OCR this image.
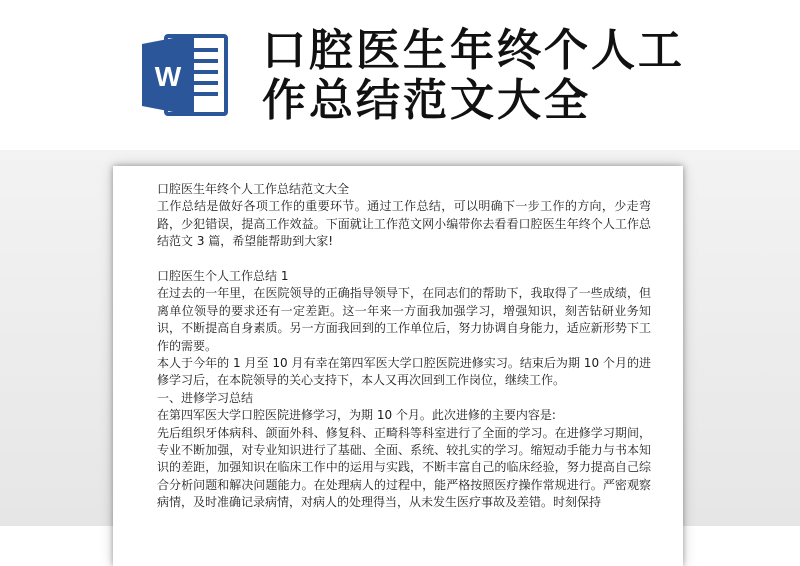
W
口腔医生年终个人工作总结范文大全

口腔医生年终个人工作总结范文大全

工作总结是做好各项工作的重要环节。通过工作总结，可以明确下一步工作的方向，少走弯路，少犯错误，提高工作效益。下面就让工作范文网小编带你去看看口腔医生年终个人工作总结范文 3 篇，希望能帮助到大家!

口腔医生个人工作总结 1

在过去的一年里，在医院领导的正确指导领导下，在同志们的帮助下，我取得了一些成绩，但离单位领导的要求还有一定差距。这一年来一方面我加强学习，增强知识，刻苦钻研业务知识，不断提高自身素质。另一方面我回到的工作单位后，努力协调自身能力，适应新形势下工作的需要。

本人于今年的 1 月至 10 月有幸在第四军医大学口腔医院进修实习。结束后为期 10 个月的进修学习后，在本院领导的关心支持下，本人又再次回到工作岗位，继续工作。

一、进修学习总结

在第四军医大学口腔医院进修学习，为期 10 个月。此次进修的主要内容是:

先后组织牙体病科、颌面外科、修复科、正畸科等科室进行了全面的学习。在进修学习期间，专业不断加强，对专业知识进行了基础、全面、系统、较扎实的学习。缩短动手能力与书本知识的差距，加强知识在临床工作中的运用与实践，不断丰富自己的临床经验，努力提高自己综合分析问题和解决问题能力。在处理病人的过程中，能严格按照医疗操作常规进行。严密观察病情，及时准确记录病情，对病人的处理得当，从未发生医疗事故及差错。时刻保持
